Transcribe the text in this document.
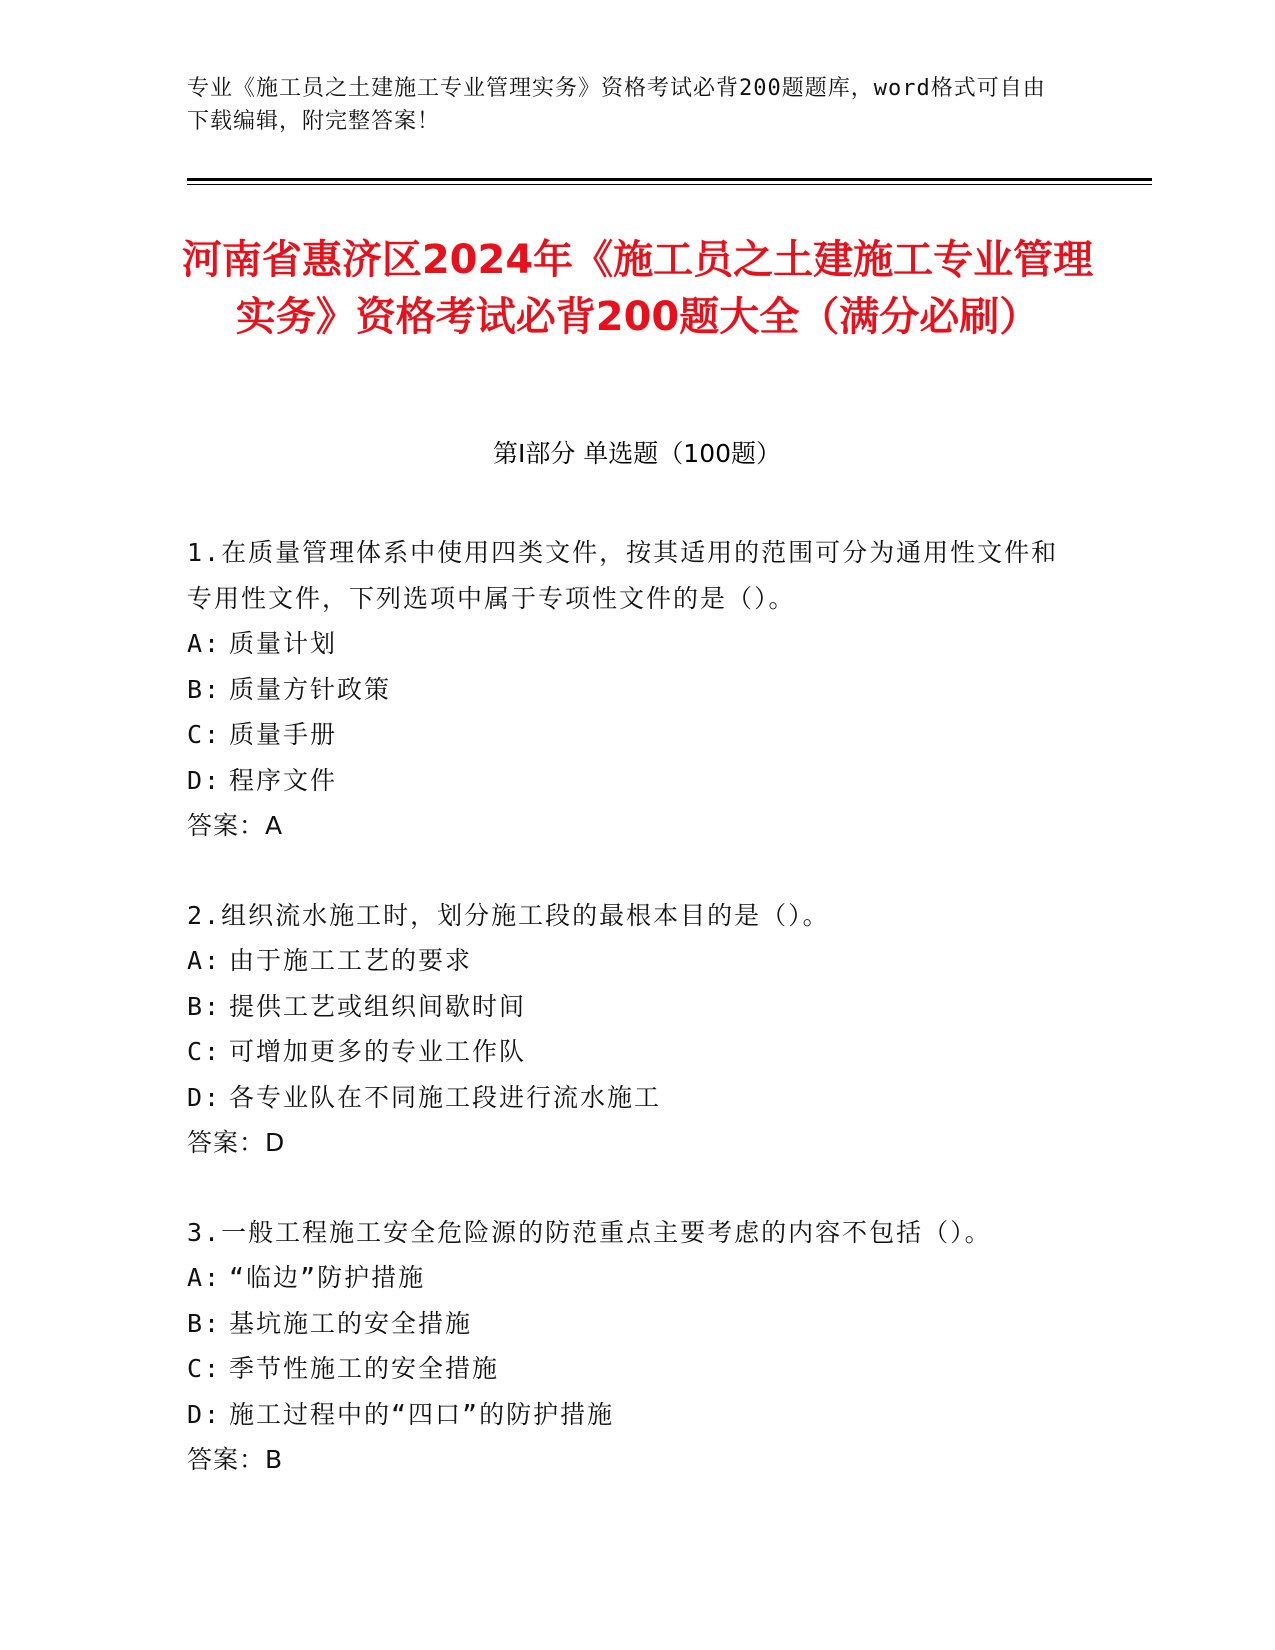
专业《施工员之土建施工专业管理实务》资格考试必背200题题库，word格式可自由下载编辑，附完整答案！
河南省惠济区2024年《施工员之土建施工专业管理实务》资格考试必背200题大全（满分必刷）
第I部分 单选题（100题）

1.在质量管理体系中使用四类文件，按其适用的范围可分为通用性文件和专用性文件，下列选项中属于专项性文件的是（）。

A: 质量计划

B: 质量方针政策

C: 质量手册

D: 程序文件

答案：A

2.组织流水施工时，划分施工段的最根本目的是（）。

A: 由于施工工艺的要求

B: 提供工艺或组织间歇时间

C: 可增加更多的专业工作队

D: 各专业队在不同施工段进行流水施工

答案：D

3.一般工程施工安全危险源的防范重点主要考虑的内容不包括（）。

A: “临边”防护措施

B: 基坑施工的安全措施

C: 季节性施工的安全措施

D: 施工过程中的“四口”的防护措施

答案：B
